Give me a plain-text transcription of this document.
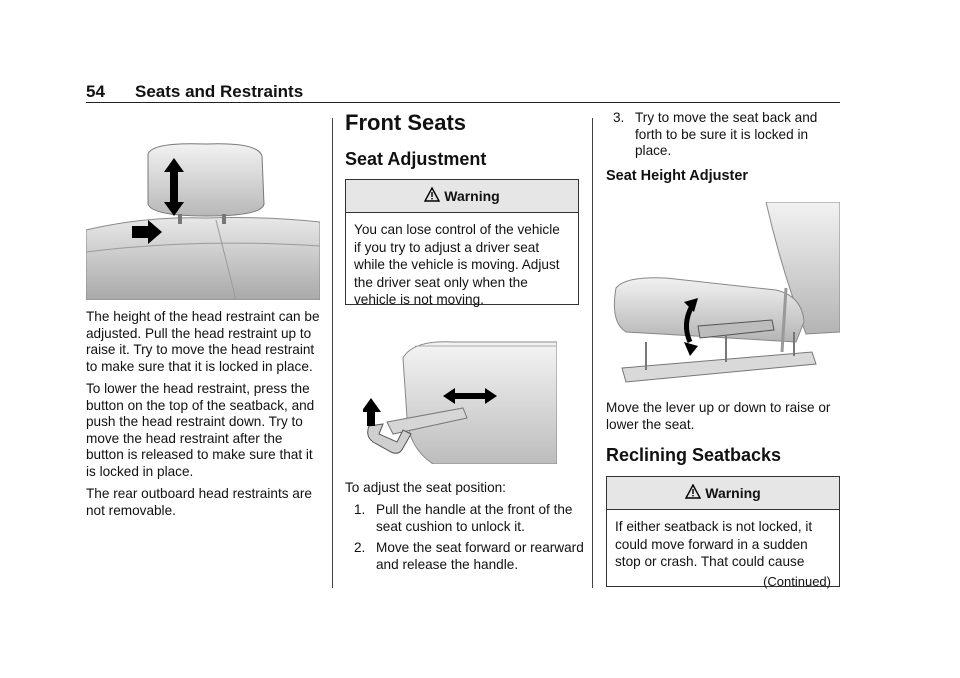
54 Seats and Restraints

The height of the head restraint can be adjusted. Pull the head restraint up to raise it. Try to move the head restraint to make sure that it is locked in place.

To lower the head restraint, press the button on the top of the seatback, and push the head restraint down. Try to move the head restraint after the button is released to make sure that it is locked in place.

The rear outboard head restraints are not removable.

Front Seats
Seat Adjustment
Warning
You can lose control of the vehicle if you try to adjust a driver seat while the vehicle is moving. Adjust the driver seat only when the vehicle is not moving.

To adjust the seat position:

1. Pull the handle at the front of the seat cushion to unlock it.
2. Move the seat forward or rearward and release the handle.
3. Try to move the seat back and forth to be sure it is locked in place.
Seat Height Adjuster

Move the lever up or down to raise or lower the seat.

Reclining Seatbacks
Warning
If either seatback is not locked, it could move forward in a sudden stop or crash. That could cause
(Continued)
